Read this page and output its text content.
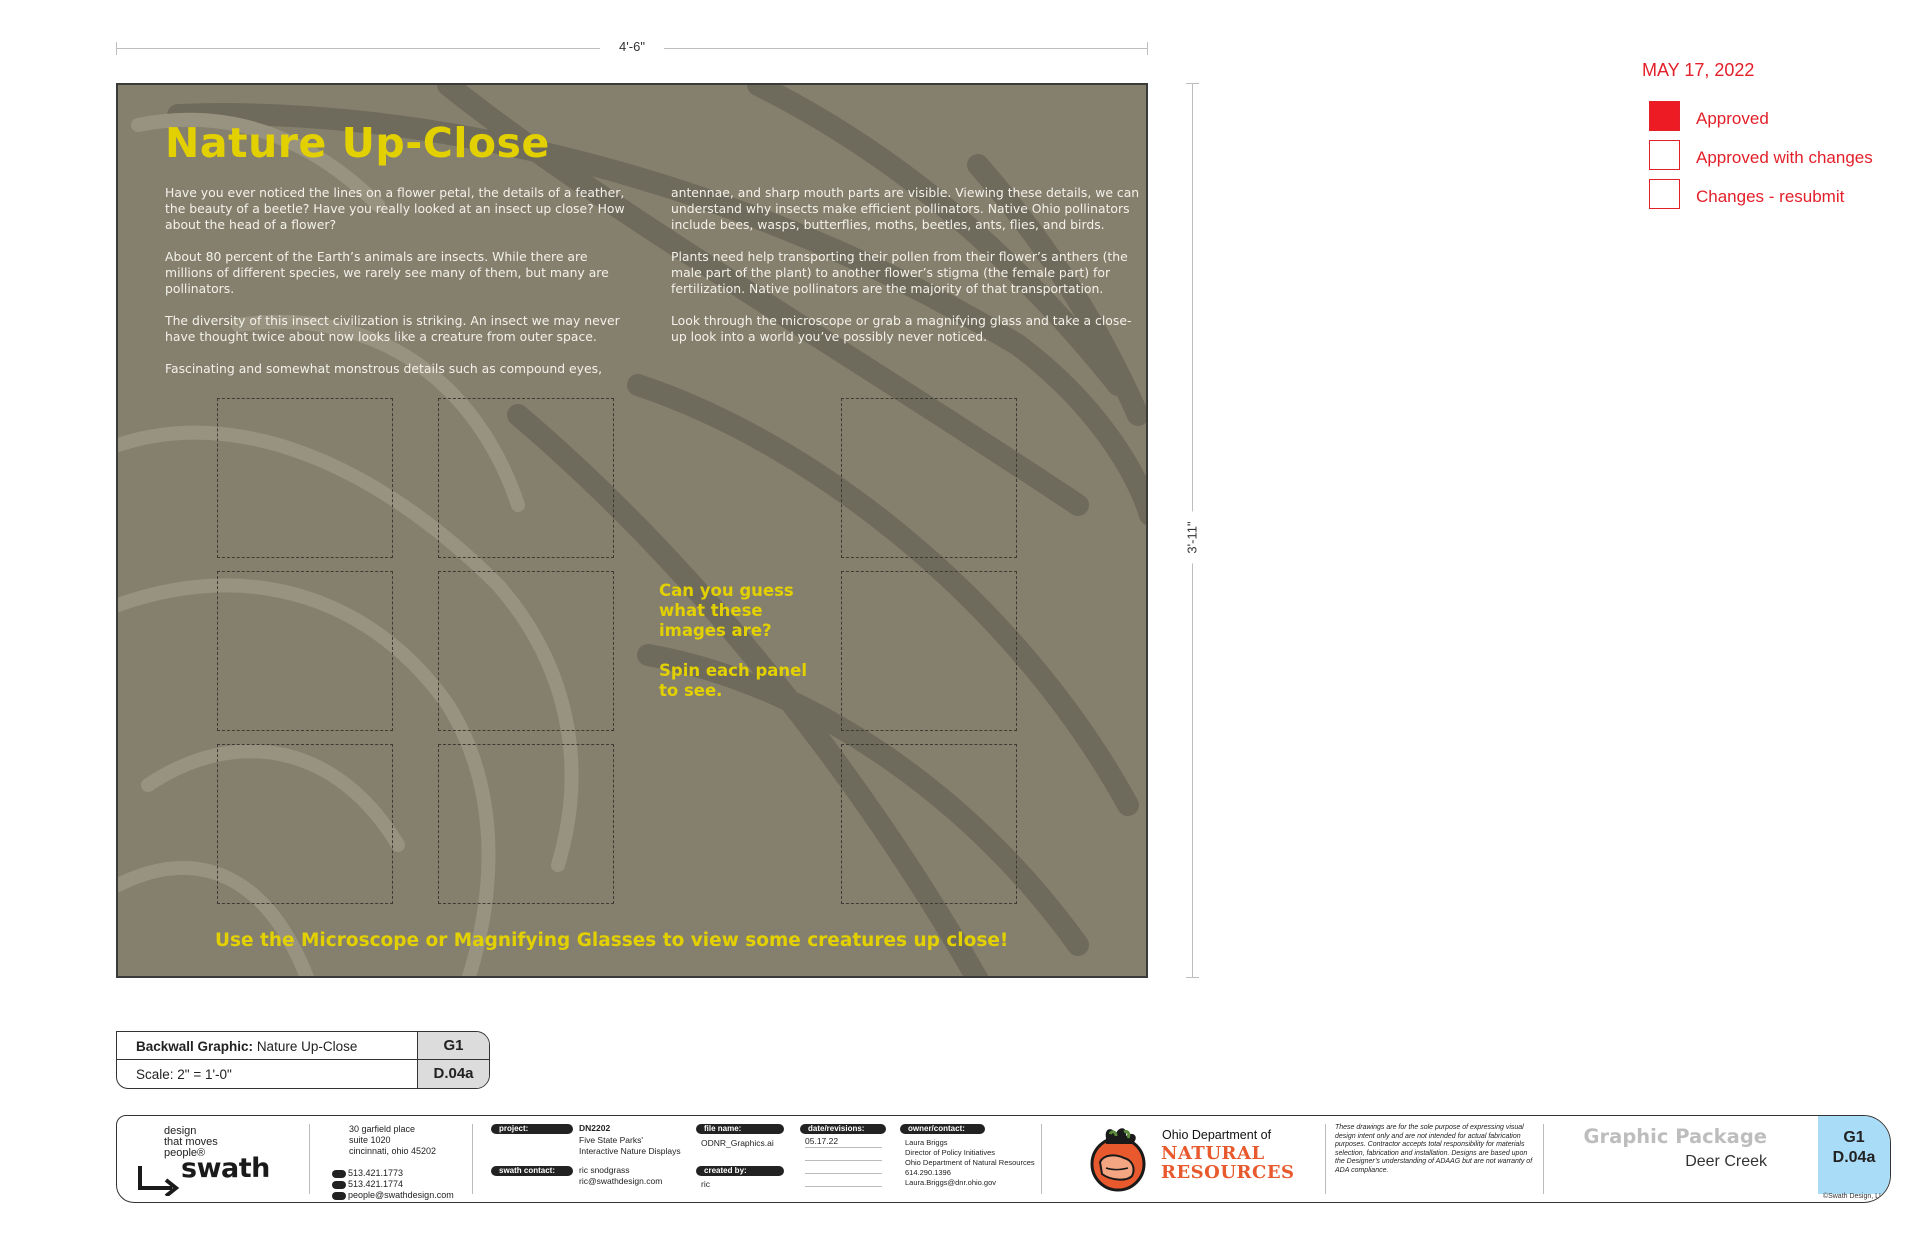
4'-6"
3'-11"
Nature Up-Close

Have you ever noticed the lines on a flower petal, the details of a feather, the beauty of a beetle? Have you really looked at an insect up close? How about the head of a flower?

About 80 percent of the Earth’s animals are insects. While there are millions of different species, we rarely see many of them, but many are pollinators.

The diversity of this insect civilization is striking. An insect we may never have thought twice about now looks like a creature from outer space.

Fascinating and somewhat monstrous details such as compound eyes,

antennae, and sharp mouth parts are visible. Viewing these details, we can understand why insects make efficient pollinators. Native Ohio pollinators include bees, wasps, butterflies, moths, beetles, ants, flies, and birds.

Plants need help transporting their pollen from their flower’s anthers (the male part of the plant) to another flower’s stigma (the female part) for fertilization. Native pollinators are the majority of that transportation.

Look through the microscope or grab a magnifying glass and take a close-up look into a world you’ve possibly never noticed.

Can you guess what these images are?

Spin each panel to see.

Use the Microscope or Magnifying Glasses to view some creatures up close!
MAY 17, 2022
Approved
Approved with changes
Changes - resubmit
Backwall Graphic: Nature Up-Close	G1
Scale: 2" = 1'-0"	D.04a
design
that moves
people®
swath
30 garfield place
suite 1020
cincinnati, ohio 45202
513.421.1773
513.421.1774
people@swathdesign.com
project:	DN2202
Five State Parks'
Interactive Nature Displays
swath contact:	ric snodgrass
ric@swathdesign.com
file name:
ODNR_Graphics.ai
created by:
ric
date/revisions:
05.17.22
owner/contact:
Laura Briggs
Director of Policy Initiatives
Ohio Department of Natural Resources
614.290.1396
Laura.Briggs@dnr.ohio.gov
Ohio Department of
NATURAL
RESOURCES
These drawings are for the sole purpose of expressing visual design intent only and are not intended for actual fabrication purposes. Contractor accepts total responsibility for materials selection, fabrication and installation. Designs are based upon the Designer’s understanding of ADAAG but are not warranty of ADA compliance.
Graphic Package
Deer Creek
G1
D.04a
©Swath Design, LLC
